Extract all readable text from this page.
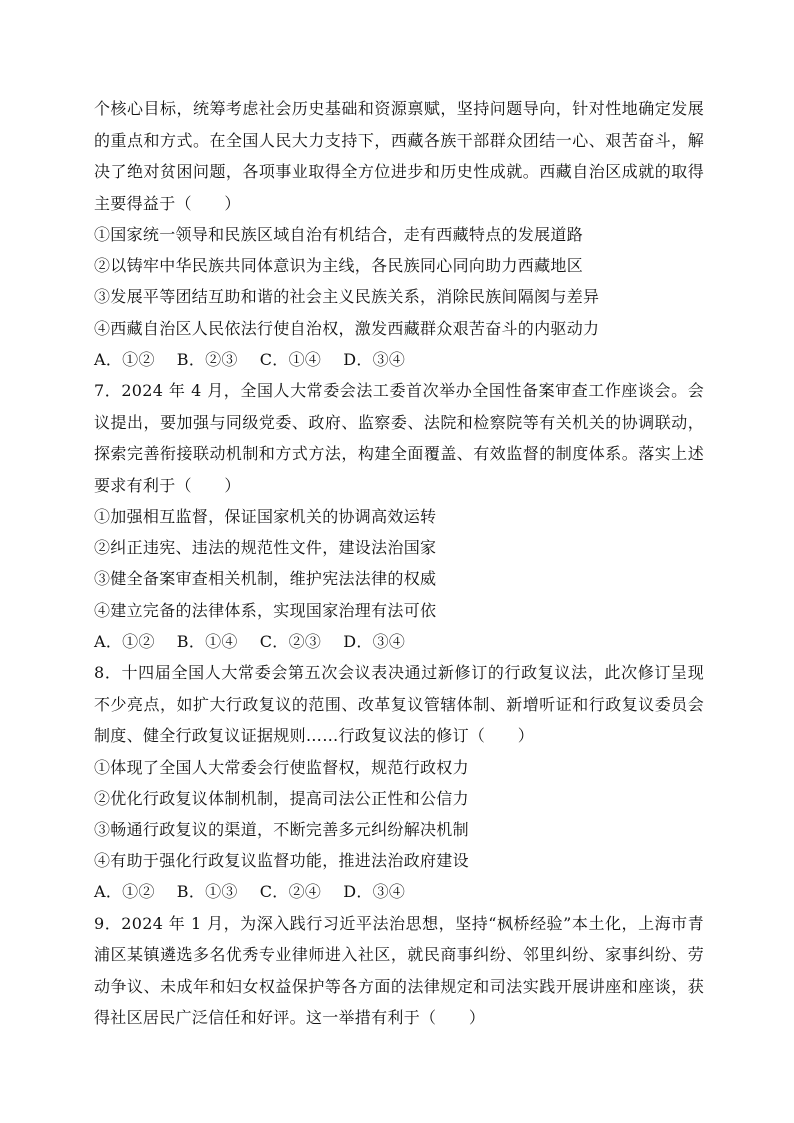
个核心目标，统筹考虑社会历史基础和资源禀赋，坚持问题导向，针对性地确定发展的重点和方式。在全国人民大力支持下，西藏各族干部群众团结一心、艰苦奋斗，解决了绝对贫困问题，各项事业取得全方位进步和历史性成就。西藏自治区成就的取得主要得益于（　　）

①国家统一领导和民族区域自治有机结合，走有西藏特点的发展道路

②以铸牢中华民族共同体意识为主线，各民族同心同向助力西藏地区

③发展平等团结互助和谐的社会主义民族关系，消除民族间隔阂与差异

④西藏自治区人民依法行使自治权，激发西藏群众艰苦奋斗的内驱动力

A．①② B．②③ C．①④ D．③④

7．2024 年 4 月，全国人大常委会法工委首次举办全国性备案审查工作座谈会。会议提出，要加强与同级党委、政府、监察委、法院和检察院等有关机关的协调联动，探索完善衔接联动机制和方式方法，构建全面覆盖、有效监督的制度体系。落实上述要求有利于（　　）

①加强相互监督，保证国家机关的协调高效运转

②纠正违宪、违法的规范性文件，建设法治国家

③健全备案审查相关机制，维护宪法法律的权威

④建立完备的法律体系，实现国家治理有法可依

A．①② B．①④ C．②③ D．③④

8．十四届全国人大常委会第五次会议表决通过新修订的行政复议法，此次修订呈现不少亮点，如扩大行政复议的范围、改革复议管辖体制、新增听证和行政复议委员会制度、健全行政复议证据规则……行政复议法的修订（　　）

①体现了全国人大常委会行使监督权，规范行政权力

②优化行政复议体制机制，提高司法公正性和公信力

③畅通行政复议的渠道，不断完善多元纠纷解决机制

④有助于强化行政复议监督功能，推进法治政府建设

A．①② B．①③ C．②④ D．③④

9．2024 年 1 月，为深入践行习近平法治思想，坚持“枫桥经验”本土化，上海市青浦区某镇遴选多名优秀专业律师进入社区，就民商事纠纷、邻里纠纷、家事纠纷、劳动争议、未成年和妇女权益保护等各方面的法律规定和司法实践开展讲座和座谈，获得社区居民广泛信任和好评。这一举措有利于（　　）
